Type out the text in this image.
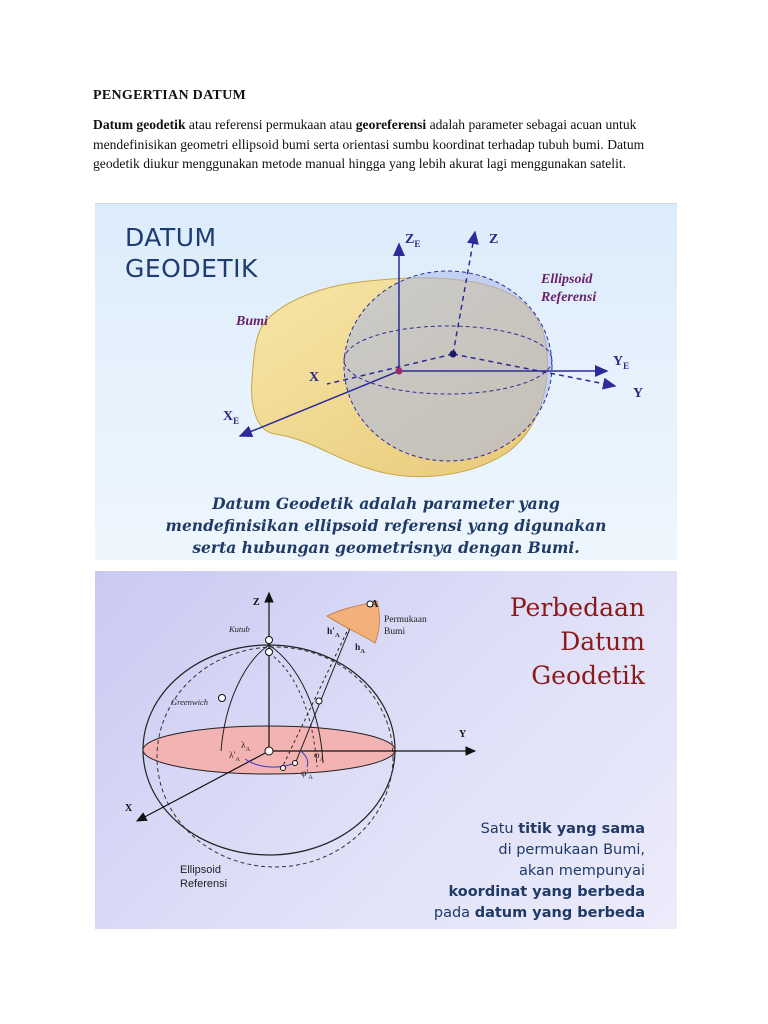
PENGERTIAN DATUM

Datum geodetik atau referensi permukaan atau georeferensi adalah parameter sebagai acuan untuk mendefinisikan geometri ellipsoid bumi serta orientasi sumbu koordinat terhadap tubuh bumi. Datum geodetik diukur menggunakan metode manual hingga yang lebih akurat lagi menggunakan satelit.

DATUM
GEODETIK
Bumi
Ellipsoid
Referensi
$Z_E$	Z
$Y_E$
Y
X
$X_E$

Datum Geodetik adalah parameter yang
mendefinisikan ellipsoid referensi yang digunakan
serta hubungan geometrisnya dengan Bumi.

Z
Y
X
Kutub
Greenwich
A
Permukaan
Bumi
$h'_A$
$h_A$
$\lambda'_A$
$\lambda_A$
$\varphi_A$
$\varphi'_A$
Ellipsoid
Referensi
Perbedaan
Datum
Geodetik
Satu titik yang sama
di permukaan Bumi,
akan mempunyai
koordinat yang berbeda
pada datum yang berbeda
